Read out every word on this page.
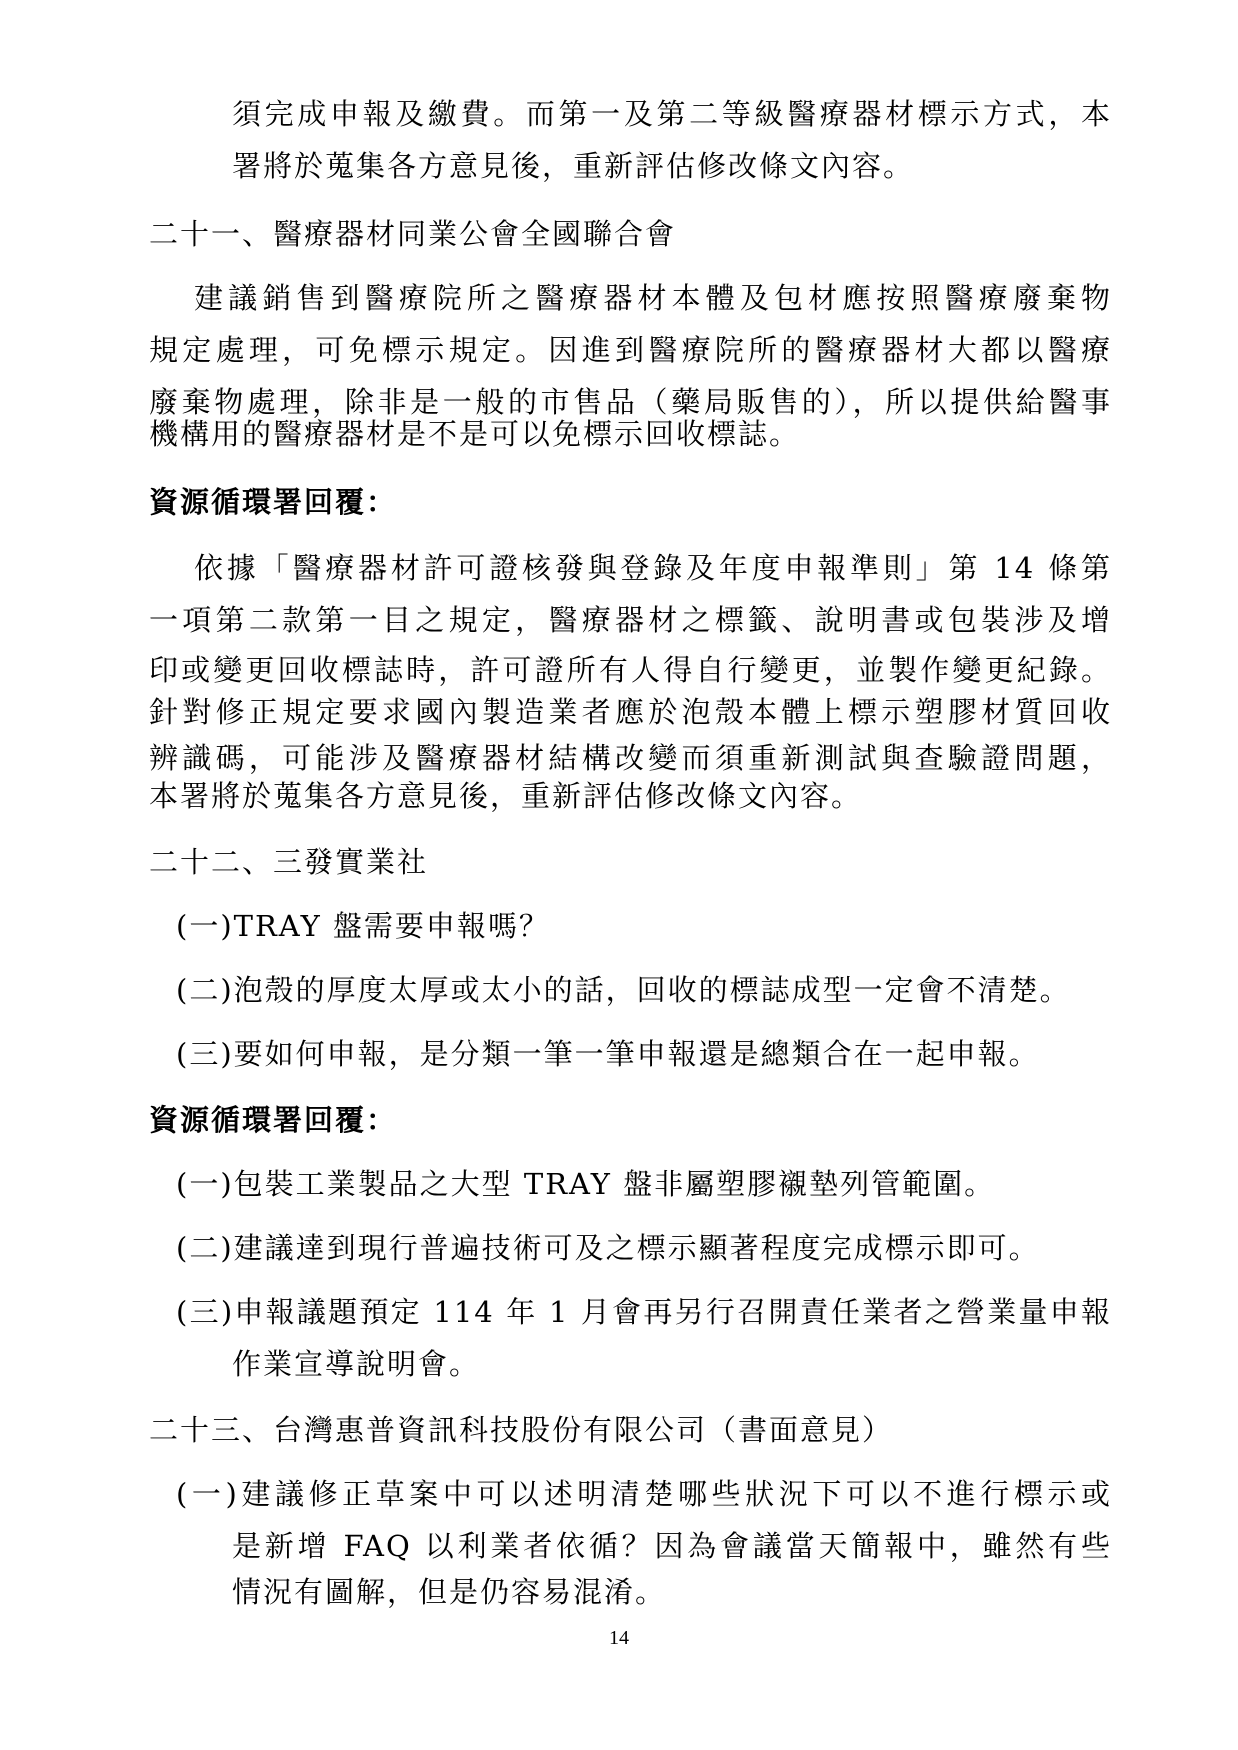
須完成申報及繳費。而第一及第二等級醫療器材標示方式，本
署將於蒐集各方意見後，重新評估修改條文內容。
二十一、醫療器材同業公會全國聯合會
建議銷售到醫療院所之醫療器材本體及包材應按照醫療廢棄物
規定處理，可免標示規定。因進到醫療院所的醫療器材大都以醫療
廢棄物處理，除非是一般的市售品（藥局販售的），所以提供給醫事
機構用的醫療器材是不是可以免標示回收標誌。
資源循環署回覆：
依據「醫療器材許可證核發與登錄及年度申報準則」第 14 條第
一項第二款第一目之規定，醫療器材之標籤、說明書或包裝涉及增
印或變更回收標誌時，許可證所有人得自行變更，並製作變更紀錄。
針對修正規定要求國內製造業者應於泡殼本體上標示塑膠材質回收
辨識碼，可能涉及醫療器材結構改變而須重新測試與查驗證問題，
本署將於蒐集各方意見後，重新評估修改條文內容。
二十二、三發實業社
(一)TRAY 盤需要申報嗎？
(二)泡殼的厚度太厚或太小的話，回收的標誌成型一定會不清楚。
(三)要如何申報，是分類一筆一筆申報還是總類合在一起申報。
資源循環署回覆：
(一)包裝工業製品之大型 TRAY 盤非屬塑膠襯墊列管範圍。
(二)建議達到現行普遍技術可及之標示顯著程度完成標示即可。
(三)申報議題預定 114 年 1 月會再另行召開責任業者之營業量申報
作業宣導說明會。
二十三、台灣惠普資訊科技股份有限公司（書面意見）
(一)建議修正草案中可以述明清楚哪些狀況下可以不進行標示或
是新增 FAQ 以利業者依循？因為會議當天簡報中，雖然有些
情況有圖解，但是仍容易混淆。
14
